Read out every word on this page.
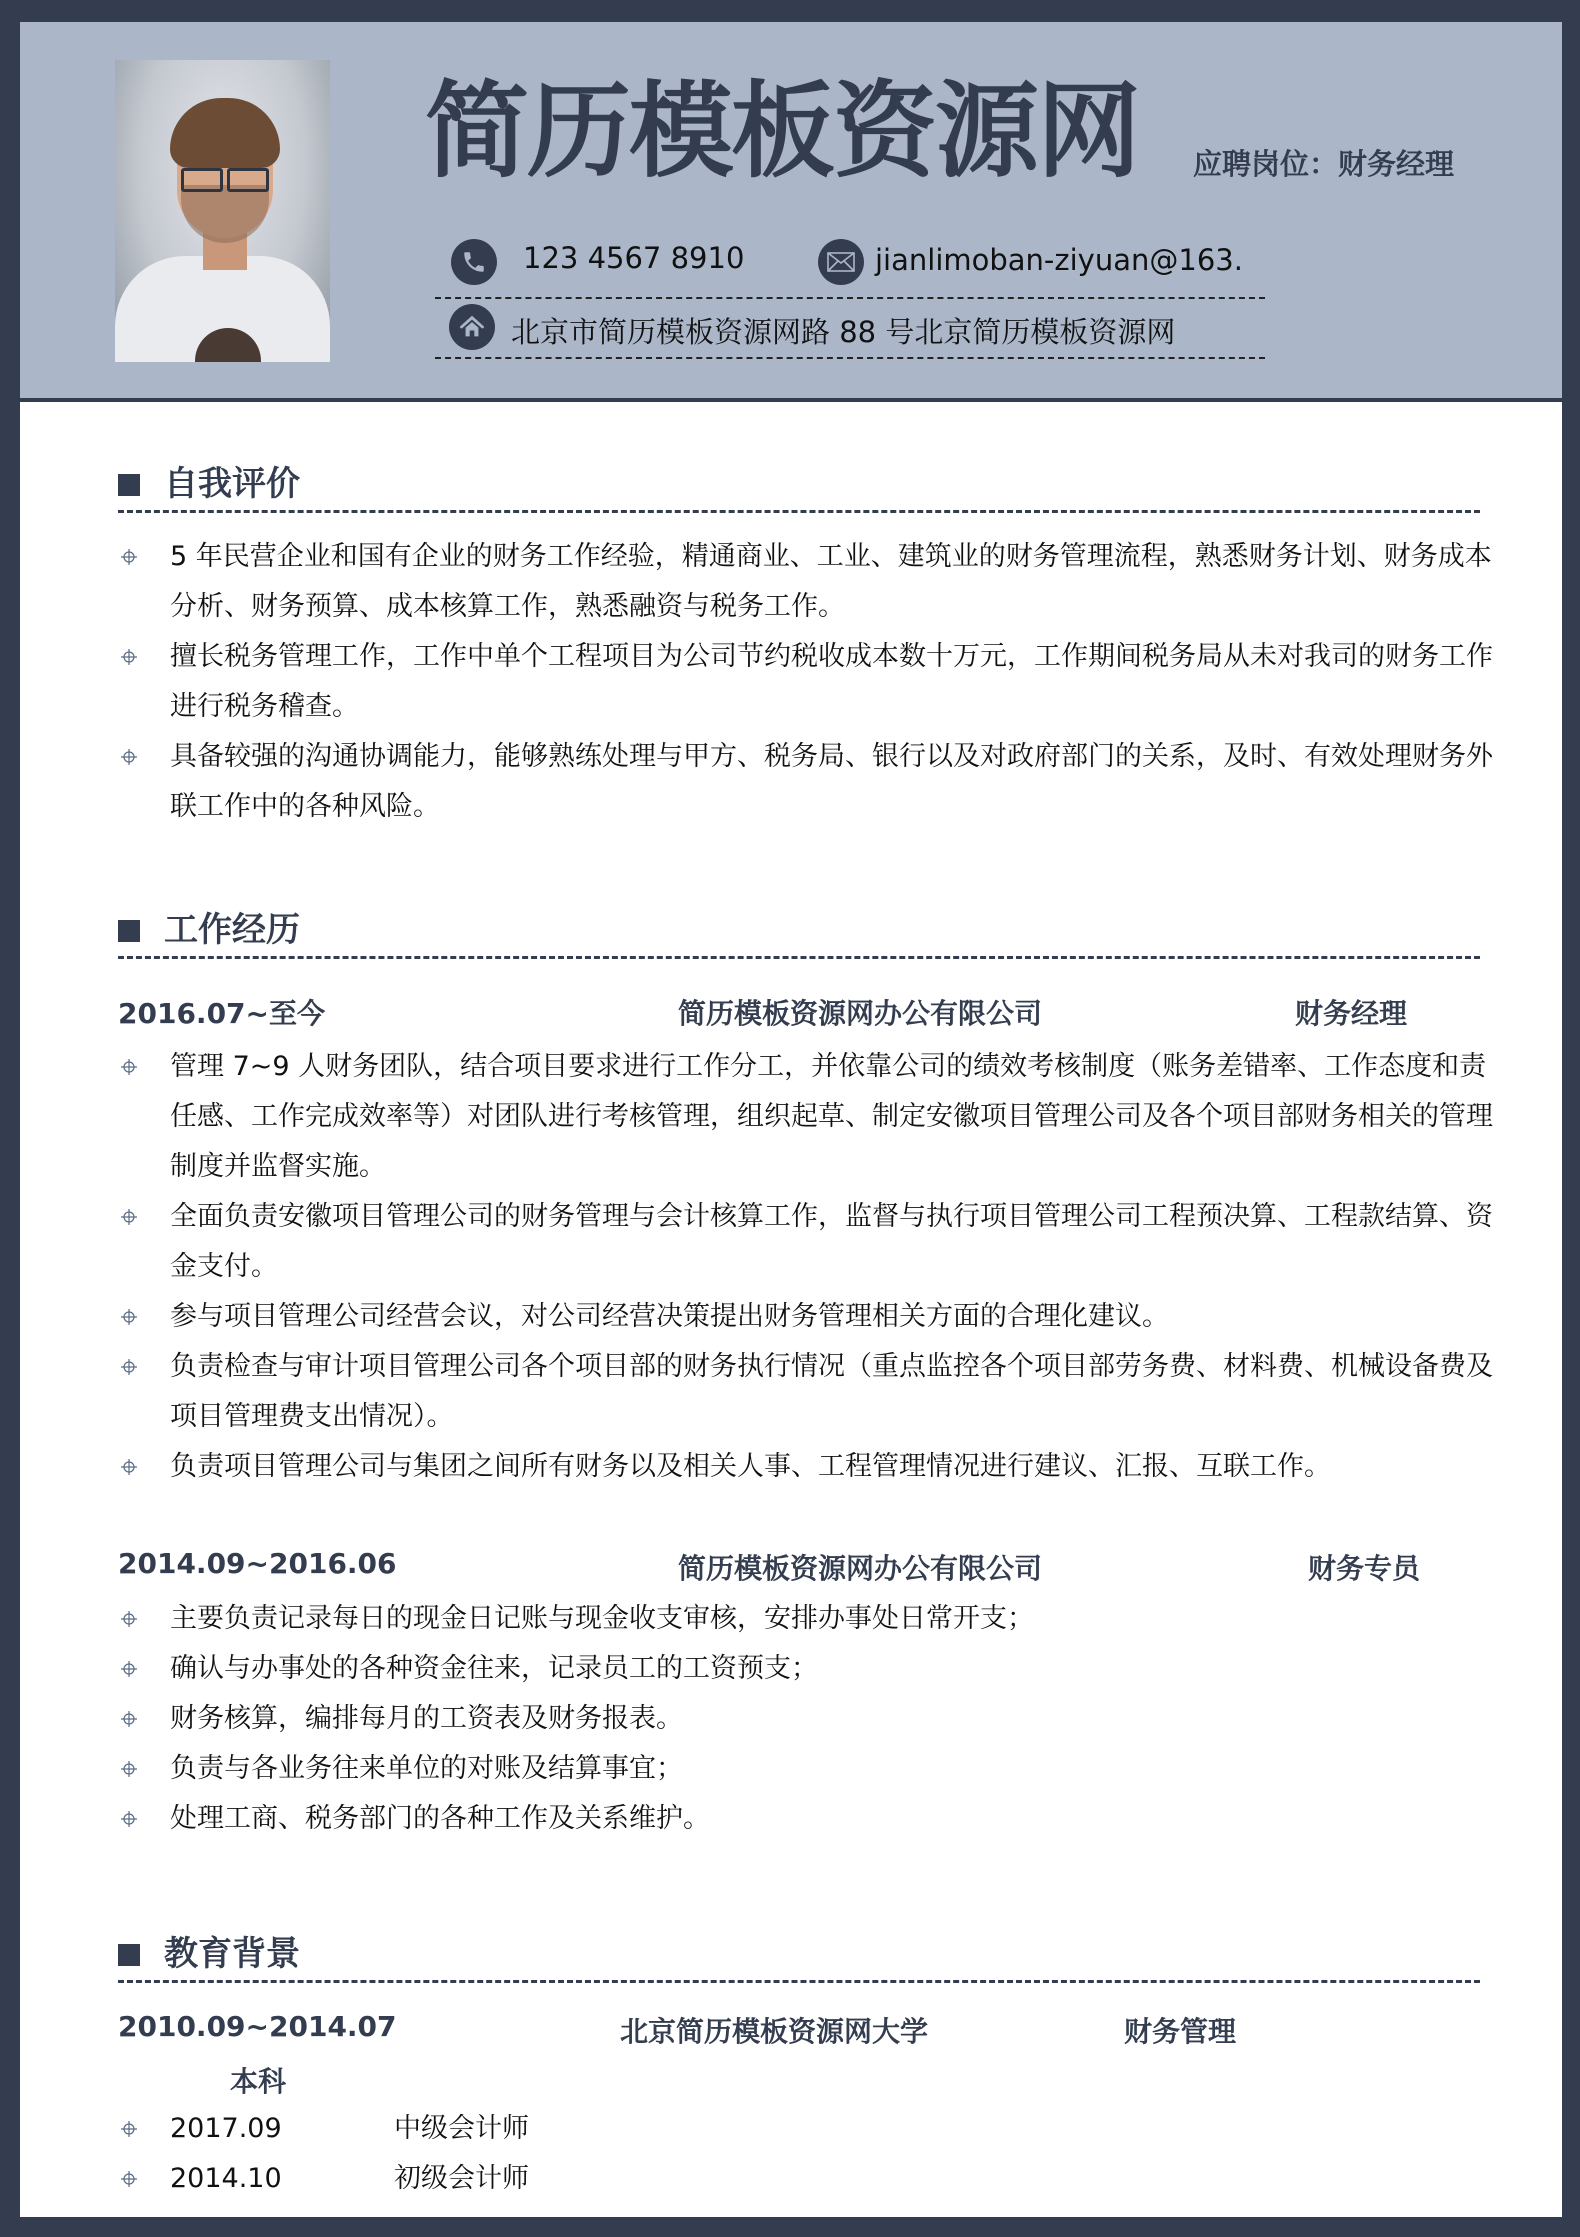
简历模板资源网 应聘岗位：财务经理
123 4567 8910	jianlimoban-ziyuan@163.
北京市简历模板资源网路 88 号北京简历模板资源网
自我评价
5 年民营企业和国有企业的财务工作经验，精通商业、工业、建筑业的财务管理流程，熟悉财务计划、财务成本分析、财务预算、成本核算工作，熟悉融资与税务工作。
擅长税务管理工作，工作中单个工程项目为公司节约税收成本数十万元，工作期间税务局从未对我司的财务工作进行税务稽查。
具备较强的沟通协调能力，能够熟练处理与甲方、税务局、银行以及对政府部门的关系，及时、有效处理财务外联工作中的各种风险。
工作经历
2016.07~至今	简历模板资源网办公有限公司	财务经理
管理 7~9 人财务团队，结合项目要求进行工作分工，并依靠公司的绩效考核制度（账务差错率、工作态度和责任感、工作完成效率等）对团队进行考核管理，组织起草、制定安徽项目管理公司及各个项目部财务相关的管理制度并监督实施。
全面负责安徽项目管理公司的财务管理与会计核算工作，监督与执行项目管理公司工程预决算、工程款结算、资金支付。
参与项目管理公司经营会议，对公司经营决策提出财务管理相关方面的合理化建议。
负责检查与审计项目管理公司各个项目部的财务执行情况（重点监控各个项目部劳务费、材料费、机械设备费及项目管理费支出情况）。
负责项目管理公司与集团之间所有财务以及相关人事、工程管理情况进行建议、汇报、互联工作。
2014.09~2016.06	简历模板资源网办公有限公司	财务专员
主要负责记录每日的现金日记账与现金收支审核，安排办事处日常开支；
确认与办事处的各种资金往来，记录员工的工资预支；
财务核算，编排每月的工资表及财务报表。
负责与各业务往来单位的对账及结算事宜；
处理工商、税务部门的各种工作及关系维护。
教育背景
2010.09~2014.07	北京简历模板资源网大学	财务管理
本科
2017.09	中级会计师
2014.10	初级会计师
